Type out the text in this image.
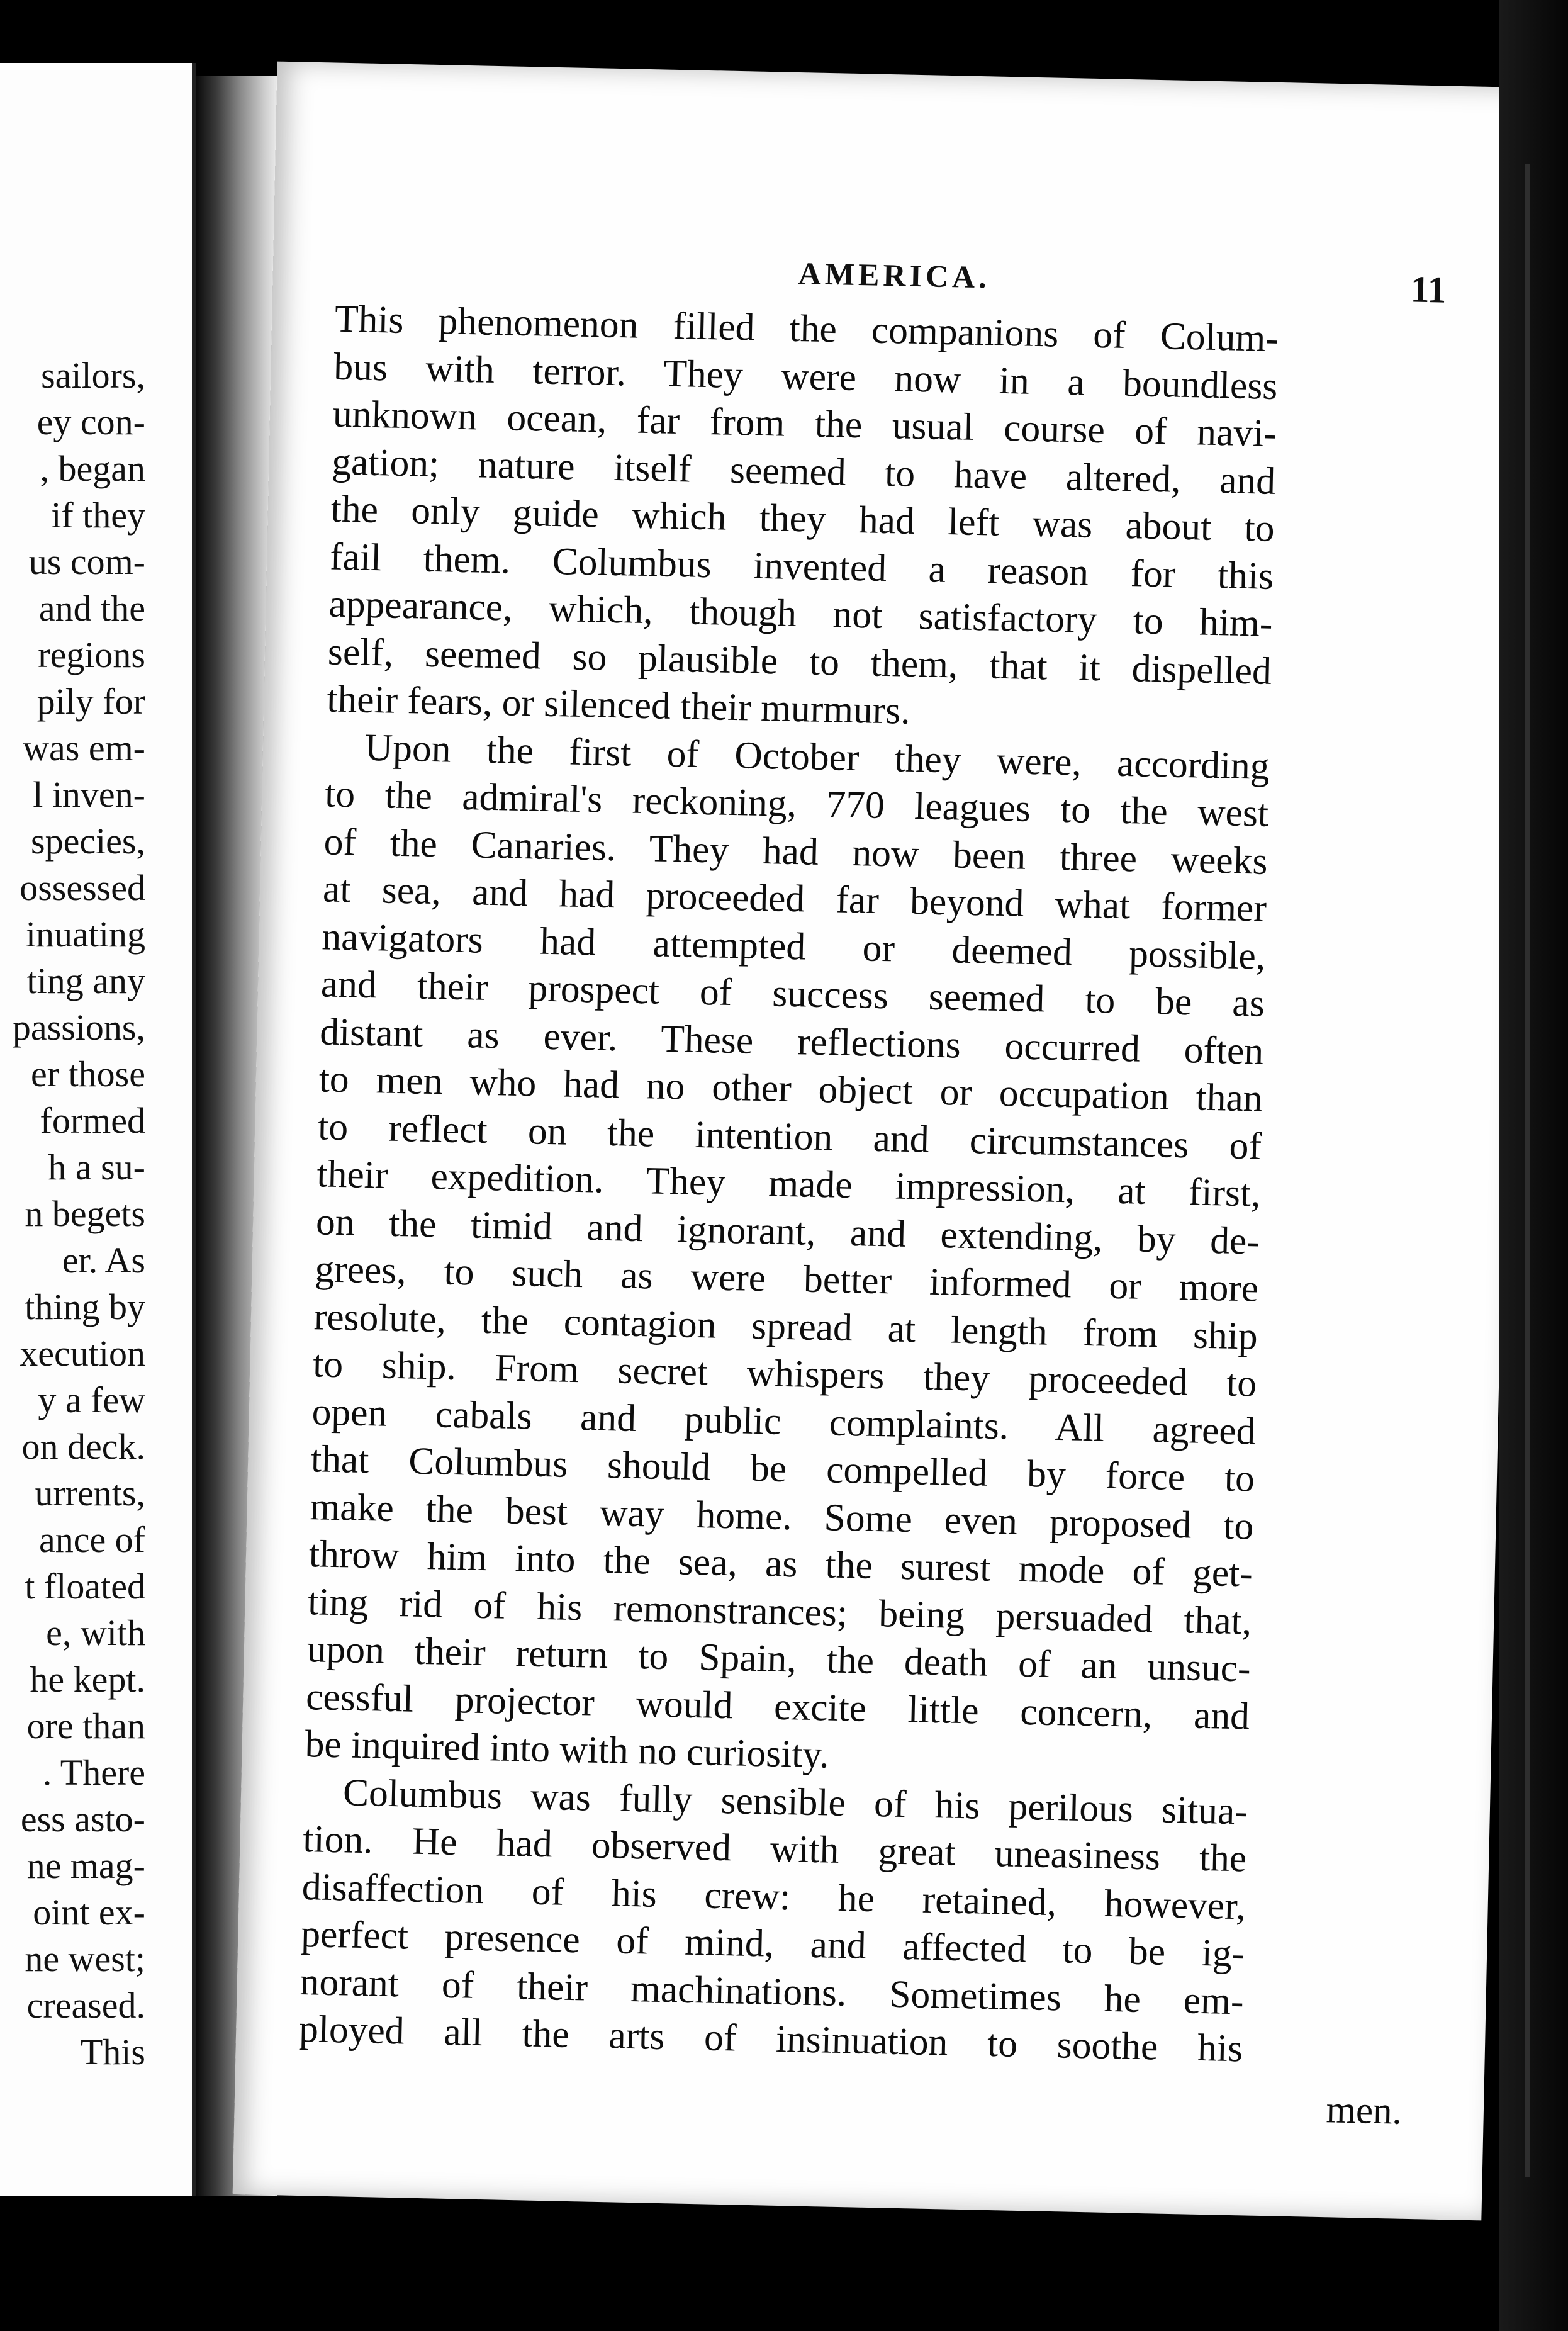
sailors,
ey con-
, began
if they
us com-
and the
regions
pily for
was em-
l inven-
species,
ossessed
inuating
ting any
passions,
er those
formed
h a su-
n begets
er. As
thing by
xecution
y a few
on deck.
urrents,
ance of
t floated
e, with
he kept.
ore than
. There
ess asto-
ne mag-
oint ex-
ne west;
creased.
This
AMERICA.	11
This phenomenon filled the companions of Colum-
bus with terror. They were now in a boundless
unknown ocean, far from the usual course of navi-
gation; nature itself seemed to have altered, and
the only guide which they had left was about to
fail them. Columbus invented a reason for this
appearance, which, though not satisfactory to him-
self, seemed so plausible to them, that it dispelled
their fears, or silenced their murmurs.
Upon the first of October they were, according
to the admiral's reckoning, 770 leagues to the west
of the Canaries. They had now been three weeks
at sea, and had proceeded far beyond what former
navigators had attempted or deemed possible,
and their prospect of success seemed to be as
distant as ever. These reflections occurred often
to men who had no other object or occupation than
to reflect on the intention and circumstances of
their expedition. They made impression, at first,
on the timid and ignorant, and extending, by de-
grees, to such as were better informed or more
resolute, the contagion spread at length from ship
to ship. From secret whispers they proceeded to
open cabals and public complaints. All agreed
that Columbus should be compelled by force to
make the best way home. Some even proposed to
throw him into the sea, as the surest mode of get-
ting rid of his remonstrances; being persuaded that,
upon their return to Spain, the death of an unsuc-
cessful projector would excite little concern, and
be inquired into with no curiosity.
Columbus was fully sensible of his perilous situa-
tion. He had observed with great uneasiness the
disaffection of his crew: he retained, however,
perfect presence of mind, and affected to be ig-
norant of their machinations. Sometimes he em-
ployed all the arts of insinuation to soothe his
men.
